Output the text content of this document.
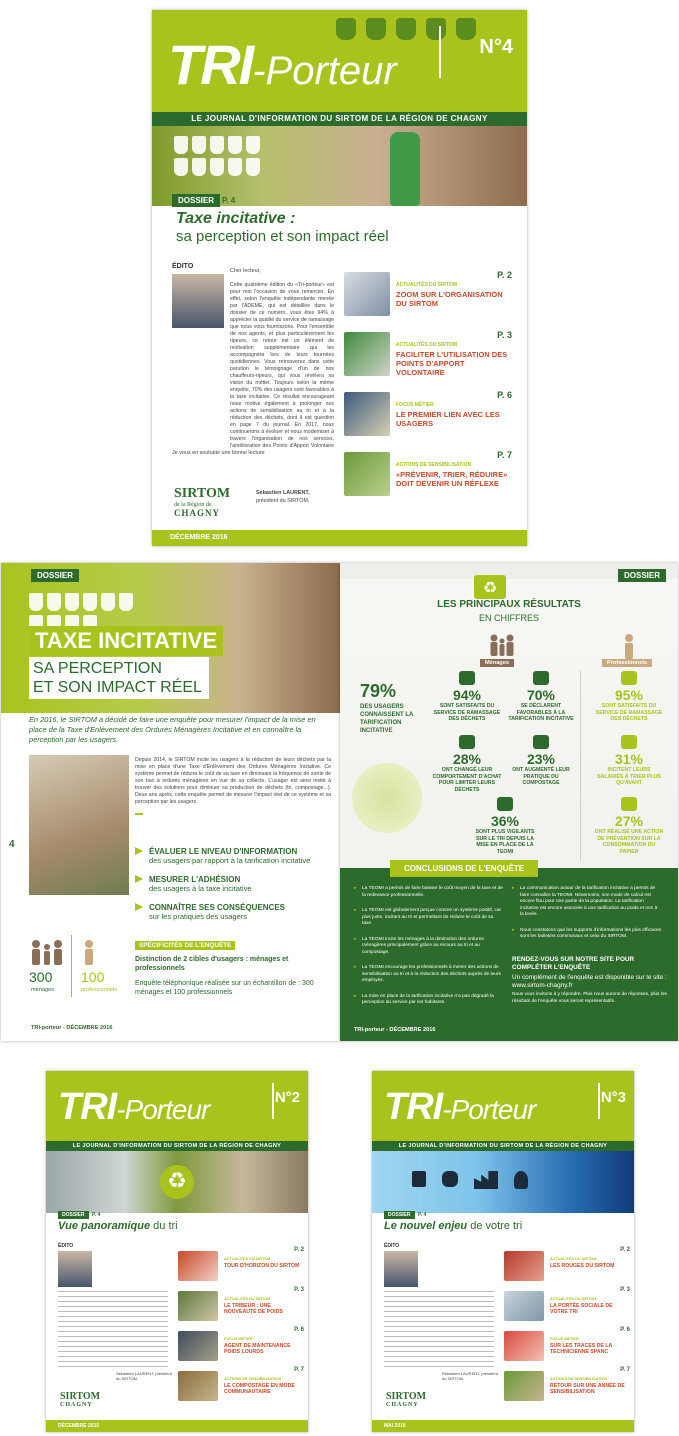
TRI-Porteur
N°4
LE JOURNAL D'INFORMATION DU SIRTOM DE LA RÉGION DE CHAGNY
DOSSIER P. 4
Taxe incitative :
sa perception et son impact réel
ÉDITO
Cher lecteur,
Cette quatrième édition du «Tri-porteur» est pour moi l'occasion de vous remercier. En effet, selon l'enquête indépendante menée par l'ADEME, qui est détaillée dans le dossier de ce numéro, vous êtes 94% à apprécier la qualité du service de ramassage que nous vous fournissons. Pour l'ensemble de nos agents, et plus particulièrement les ripeurs, ce retour est un élément de motivation supplémentaire qui les accompagnera lors de leurs tournées quotidiennes. Vous retrouverez dans cette parution le témoignage d'un de nos chauffeurs-ripeurs, qui vous révèlera sa vision du métier. Toujours selon la même enquête, 70% des usagers sont favorables à la taxe incitative. Ce résultat encourageant nous motive également à prolonger nos actions de sensibilisation au tri et à la réduction des déchets, dont il est question en page 7 du journal. En 2017, nous continuerons à évoluer et nous moderniser à travers l'organisation de nos services, l'amélioration des Points d'Apport Volontaire
Je vous en souhaite une bonne lecture
Sébastien LAURENT,
président du SIRTOM.
SIRTOM
de la Région de
CHAGNY
ACTUALITÉS DU SIRTOM
ZOOM SUR L'ORGANISATION DU SIRTOM
P. 2
ACTUALITÉS DU SIRTOM
FACILITER L'UTILISATION DES POINTS D'APPORT VOLONTAIRE
P. 3
FOCUS MÉTIER
LE PREMIER LIEN AVEC LES USAGERS
P. 6
ACTIONS DE SENSIBILISATION
«PRÉVENIR, TRIER, RÉDUIRE» DOIT DEVENIR UN RÉFLEXE
P. 7
DÉCEMBRE 2016
DOSSIER
TAXE INCITATIVE
SA PERCEPTION
ET SON IMPACT RÉEL
En 2016, le SIRTOM a décidé de faire une enquête pour mesurer l'impact de la mise en place de la Taxe d'Enlèvement des Ordures Ménagères Incitative et en connaître la perception par les usagers.
4
Depuis 2014, le SIRTOM incite les usagers à la réduction de leurs déchets par la mise en place d'une Taxe d'Enlèvement des Ordures Ménagères Incitative. Ce système permet de réduire le coût de sa taxe en diminuant la fréquence de sortie de son bac à ordures ménagères en vue de sa collecte. L'usager est ainsi invité à trouver des solutions pour diminuer sa production de déchets (tri, compostage...). Deux ans après, cette enquête permet de mesurer l'impact réel de ce système et sa perception par les usagers.
ÉVALUER LE NIVEAU D'INFORMATION
des usagers par rapport à la tarification incitative
MESURER L'ADHÉSION
des usagers à la taxe incitative
CONNAÎTRE SES CONSÉQUENCES
sur les pratiques des usagers
300
ménages
100
professionnels
SPÉCIFICITÉS DE L'ENQUÊTE
Distinction de 2 cibles d'usagers : ménages et professionnels
Enquête téléphonique réalisée sur un échantillon de : 300 ménages et 100 professionnels
TRI-porteur - DÉCEMBRE 2016
DOSSIER
♻
LES PRINCIPAUX RÉSULTATS
EN CHIFFRES
Ménages	Professionnels
79%
DES USAGERS CONNAISSENT LA TARIFICATION INCITATIVE
94%
SONT SATISFAITS DU SERVICE DE RAMASSAGE DES DÉCHETS
70%
SE DÉCLARENT FAVORABLES À LA TARIFICATION INCITATIVE
28%
ONT CHANGÉ LEUR COMPORTEMENT D'ACHAT POUR LIMITER LEURS DÉCHETS
23%
ONT AUGMENTÉ LEUR PRATIQUE DU COMPOSTAGE
36%
SONT PLUS VIGILANTS SUR LE TRI DEPUIS LA MISE EN PLACE DE LA TEOMI
95%
SONT SATISFAITS DU SERVICE DE RAMASSAGE DES DÉCHETS
31%
INCITENT LEURS SALARIÉS À TRIER PLUS QU'AVANT
27%
ONT RÉALISÉ UNE ACTION DE PRÉVENTION SUR LA CONSOMMATION DU PAPIER
CONCLUSIONS DE L'ENQUÊTE

▸ La TEOMI a permis de faire baisser le coût moyen de la taxe et de la redevance professionnelle.

▸ La TEOMI est globalement perçue comme un système positif, car plus juste, incitant au tri et permettant de réduire le coût de sa taxe.

▸ La TEOMI incite les ménages à la diminution des ordures ménagères principalement grâce au recours au tri et au compostage.

▸ La TEOMI encourage les professionnels à mener des actions de sensibilisation au tri et à la réduction des déchets auprès de leurs employés.

▸ La mise en place de la tarification incitative n'a pas dégradé la perception du service par les habitants.

▸ La communication autour de la tarification incitative a permis de faire connaître la TEOMI. Néanmoins, son mode de calcul est encore flou pour une partie de la population. La tarification incitative est encore associée à une tarification au poids et non à la levée.

▸ Nous constatons que les supports d'informations les plus efficaces sont les bulletins communaux et celui du SIRTOM.

RENDEZ-VOUS SUR NOTRE SITE POUR COMPLÉTER L'ENQUÊTE
Un complément de l'enquête est disponible sur le site : www.sirtom-chagny.fr
Nous vous invitons à y répondre. Plus nous aurons de réponses, plus les résultats de l'enquête vous seront représentatifs.
TRI-porteur - DÉCEMBRE 2016
TRI-Porteur	N°2
LE JOURNAL D'INFORMATION DU SIRTOM DE LA RÉGION DE CHAGNY
♻
DOSSIER	P. 4
Vue panoramique du tri
ÉDITO
Sébastien LAURENT, président du SIRTOM.
SIRTOM
CHAGNY
ACTUALITÉS DU SIRTOM
TOUR D'HORIZON DU SIRTOM
P. 2
ACTUALITÉS DU SIRTOM
LE TRIBEUR : UNE NOUVEAUTÉ DE POIDS
P. 3
FOCUS MÉTIER
AGENT DE MAINTENANCE POIDS LOURDS
P. 6
ACTIONS DE SENSIBILISATION
LE COMPOSTAGE EN MODE COMMUNAUTAIRE
P. 7
DÉCEMBRE 2015
TRI-Porteur	N°3
LE JOURNAL D'INFORMATION DU SIRTOM DE LA RÉGION DE CHAGNY
DOSSIER	P. 4
Le nouvel enjeu de votre tri
ÉDITO
Sébastien LAURENT, président du SIRTOM.
SIRTOM
CHAGNY
ACTUALITÉS DU SIRTOM
LES ROUGES DU SIRTOM
P. 2
ACTUALITÉS DU SIRTOM
LA PORTÉE SOCIALE DE VOTRE TRI
P. 3
FOCUS MÉTIER
SUR LES TRACES DE LA TECHNICIENNE SPANC
P. 6
ACTIONS DE SENSIBILISATION
RETOUR SUR UNE ANNÉE DE SENSIBILISATION
P. 7
MAI 2016
